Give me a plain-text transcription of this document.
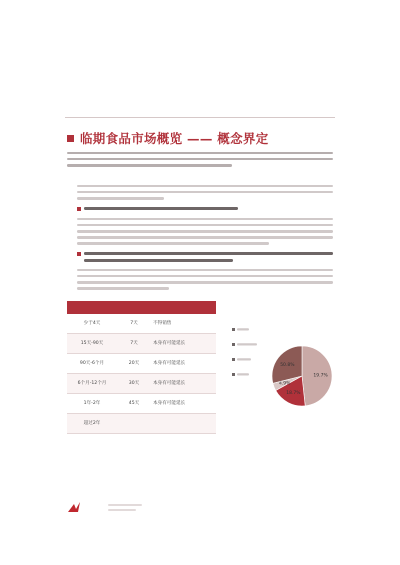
临期食品市场概览 —— 概念界定

少于4天	7天	不得销售
15天-90天	7天	本身有可能延长
90天-6个月	20天	本身有可能延长
6个月-12个月	30天	本身有可能延长
1年-2年	45天	本身有可能延长
超过2年		
19.7%
18.7%
4.9%
50.8%
